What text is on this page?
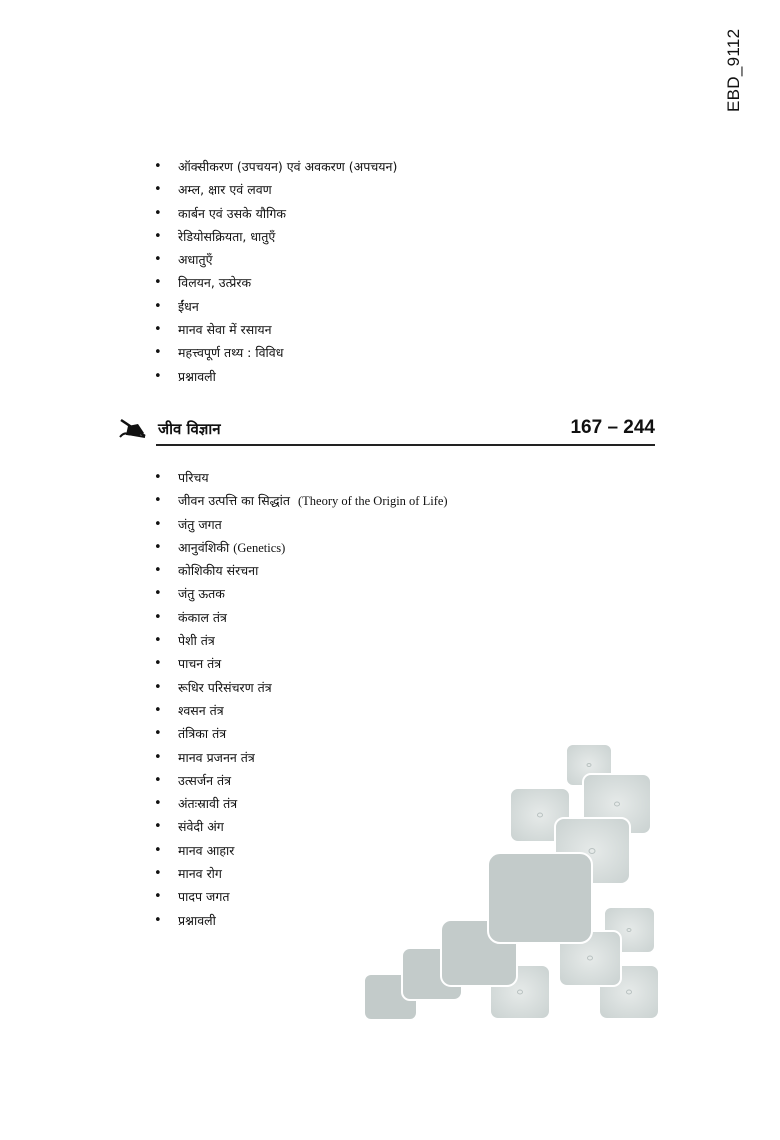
EBD_9112
• ऑक्सीकरण (उपचयन) एवं अवकरण (अपचयन)
• अम्ल, क्षार एवं लवण
• कार्बन एवं उसके यौगिक
• रेडियोसक्रियता, धातुएँ
• अधातुएँ
• विलयन, उत्प्रेरक
• ईंधन
• मानव सेवा में रसायन
• महत्त्वपूर्ण तथ्य : विविध
• प्रश्नावली
जीव विज्ञान	167 – 244
• परिचय
• जीवन उत्पत्ति का सिद्धांत (Theory of the Origin of Life)
• जंतु जगत
• आनुवंशिकी (Genetics)
• कोशिकीय संरचना
• जंतु ऊतक
• कंकाल तंत्र
• पेशी तंत्र
• पाचन तंत्र
• रूधिर परिसंचरण तंत्र
• श्वसन तंत्र
• तंत्रिका तंत्र
• मानव प्रजनन तंत्र
• उत्सर्जन तंत्र
• अंतःस्रावी तंत्र
• संवेदी अंग
• मानव आहार
• मानव रोग
• पादप जगत
• प्रश्नावली
